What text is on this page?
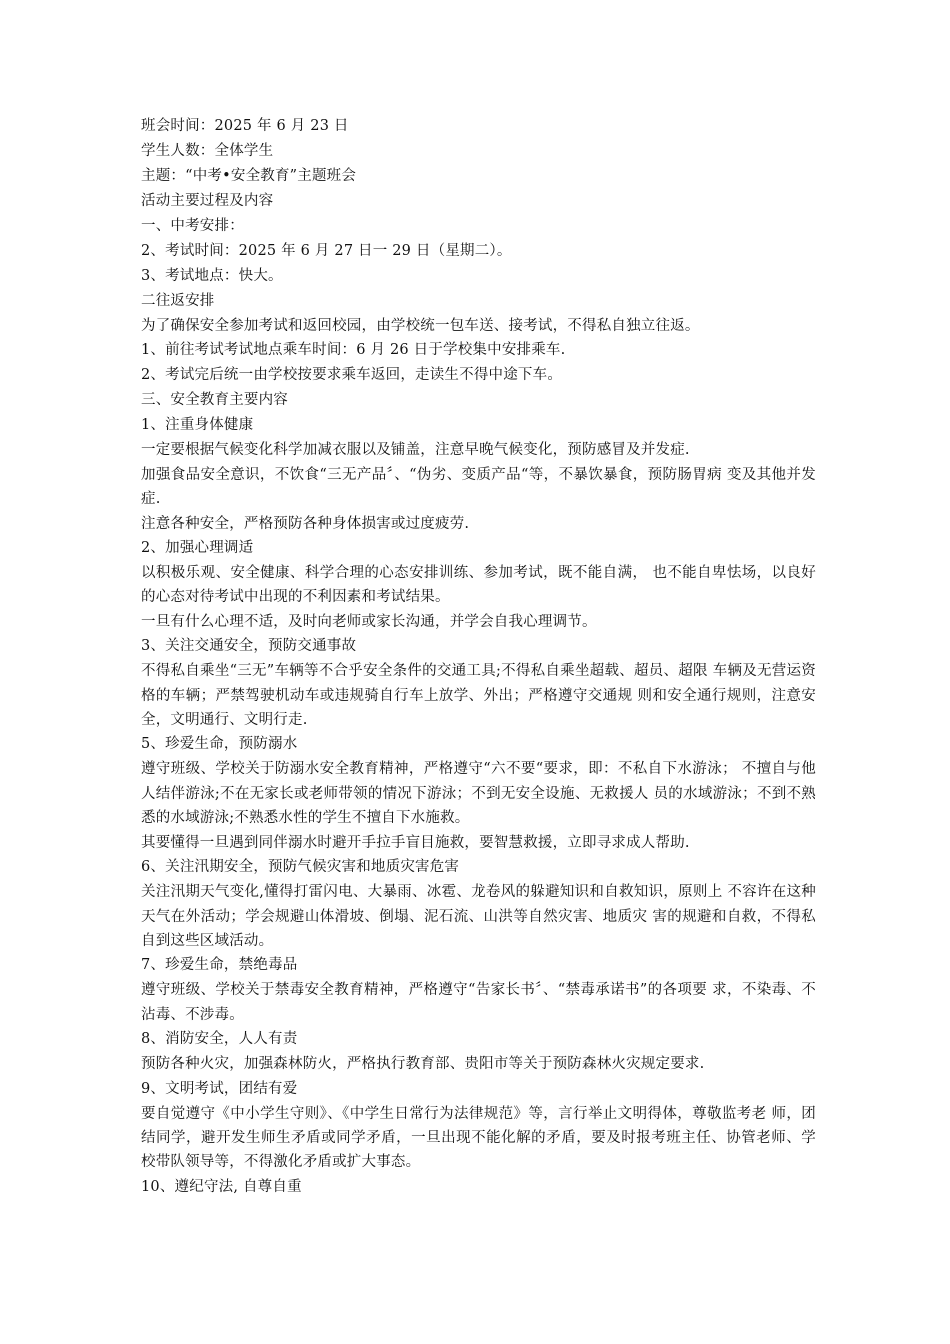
班会时间：2025 年 6 月 23 日

学生人数：全体学生

主题：“中考•安全教育”主题班会

活动主要过程及内容

一、中考安排：

2、考试时间：2025 年 6 月 27 日一 29 日（星期二）。

3、考试地点：快大。

二往返安排

为了确保安全参加考试和返回校园，由学校统一包车送、接考试，不得私自独立往返。

1、前往考试考试地点乘车时间：6 月 26 日于学校集中安排乘车.

2、考试完后统一由学校按要求乘车返回，走读生不得中途下车。

三、安全教育主要内容

1、注重身体健康

一定要根据气候变化科学加减衣服以及铺盖，注意早晚气候变化，预防感冒及并发症.

加强食品安全意识，不饮食“三无产品〞、“伪劣、变质产品“等，不暴饮暴食，预防肠胃病 变及其他并发症.

注意各种安全，严格预防各种身体损害或过度疲劳.

2、加强心理调适

以积极乐观、安全健康、科学合理的心态安排训练、参加考试，既不能自满， 也不能自卑怯场，以良好的心态对待考试中出现的不利因素和考试结果。

一旦有什么心理不适，及时向老师或家长沟通，并学会自我心理调节。

3、关注交通安全，预防交通事故

不得私自乘坐“三无”车辆等不合乎安全条件的交通工具;不得私自乘坐超载、超员、超限 车辆及无营运资格的车辆；严禁驾驶机动车或违规骑自行车上放学、外出；严格遵守交通规 则和安全通行规则，注意安全，文明通行、文明行走.

5、珍爱生命，预防溺水

遵守班级、学校关于防溺水安全教育精神，严格遵守“六不要“要求，即：不私自下水游泳； 不擅自与他人结伴游泳;不在无家长或老师带领的情况下游泳；不到无安全设施、无救援人 员的水域游泳；不到不熟悉的水域游泳;不熟悉水性的学生不擅自下水施救。

其要懂得一旦遇到同伴溺水时避开手拉手盲目施救，要智慧救援，立即寻求成人帮助.

6、关注汛期安全，预防气候灾害和地质灾害危害

关注汛期天气变化,懂得打雷闪电、大暴雨、冰雹、龙卷风的躲避知识和自救知识，原则上 不容许在这种天气在外活动；学会规避山体滑坡、倒塌、泥石流、山洪等自然灾害、地质灾 害的规避和自救，不得私自到这些区域活动。

7、珍爱生命，禁绝毒品

遵守班级、学校关于禁毒安全教育精神，严格遵守“告家长书〞、“禁毒承诺书”的各项要 求，不染毒、不沾毒、不涉毒。

8、消防安全，人人有责

预防各种火灾，加强森林防火，严格执行教育部、贵阳市等关于预防森林火灾规定要求.

9、文明考试，团结有爱

要自觉遵守《中小学生守则》、《中学生日常行为法律规范》等，言行举止文明得体，尊敬监考老 师，团结同学，避开发生师生矛盾或同学矛盾，一旦出现不能化解的矛盾，要及时报考班主任、协管老师、学校带队领导等，不得激化矛盾或扩大事态。

10、遵纪守法, 自尊自重
